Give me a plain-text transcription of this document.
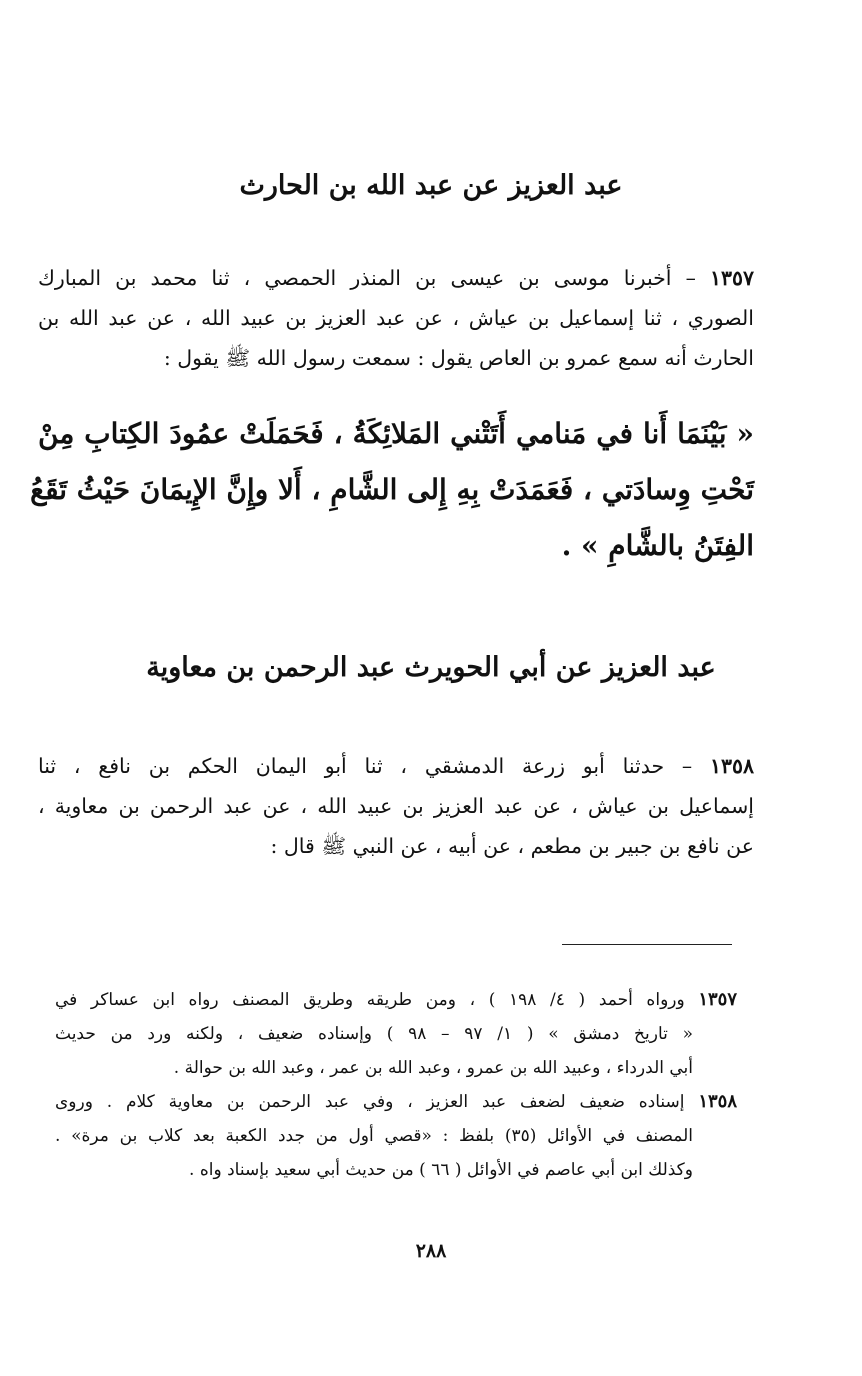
عبد العزيز عن عبد الله بن الحارث
١٣٥٧ – أخبرنا موسى بن عيسى بن المنذر الحمصي ، ثنا محمد بن المبارك
الصوري ، ثنا إسماعيل بن عياش ، عن عبد العزيز بن عبيد الله ، عن عبد الله بن
الحارث أنه سمع عمرو بن العاص يقول : سمعت رسول الله ﷺ يقول :
« بَيْنَمَا أَنا في مَنامي أَتَتْني المَلائِكَةُ ، فَحَمَلَتْ عمُودَ الكِتابِ مِنْ
تَحْتِ وِسادَتي ، فَعَمَدَتْ بِهِ إِلى الشَّامِ ، أَلا وإِنَّ الإِيمَانَ حَيْثُ تَقَعُ
الفِتَنُ بالشَّامِ » .
عبد العزيز عن أبي الحويرث عبد الرحمن بن معاوية
١٣٥٨ – حدثنا أبو زرعة الدمشقي ، ثنا أبو اليمان الحكم بن نافع ، ثنا
إسماعيل بن عياش ، عن عبد العزيز بن عبيد الله ، عن عبد الرحمن بن معاوية ،
عن نافع بن جبير بن مطعم ، عن أبيه ، عن النبي ﷺ قال :
١٣٥٧ ورواه أحمد ( ٤/ ١٩٨ ) ، ومن طريقه وطريق المصنف رواه ابن عساكر في
« تاريخ دمشق » ( ١/ ٩٧ – ٩٨ ) وإسناده ضعيف ، ولكنه ورد من حديث
أبي الدرداء ، وعبيد الله بن عمرو ، وعبد الله بن عمر ، وعبد الله بن حوالة .
١٣٥٨ إسناده ضعيف لضعف عبد العزيز ، وفي عبد الرحمن بن معاوية كلام . وروى
المصنف في الأوائل (٣٥) بلفظ : «قصي أول من جدد الكعبة بعد كلاب بن مرة» .
وكذلك ابن أبي عاصم في الأوائل ( ٦٦ ) من حديث أبي سعيد بإسناد واه .
٢٨٨
